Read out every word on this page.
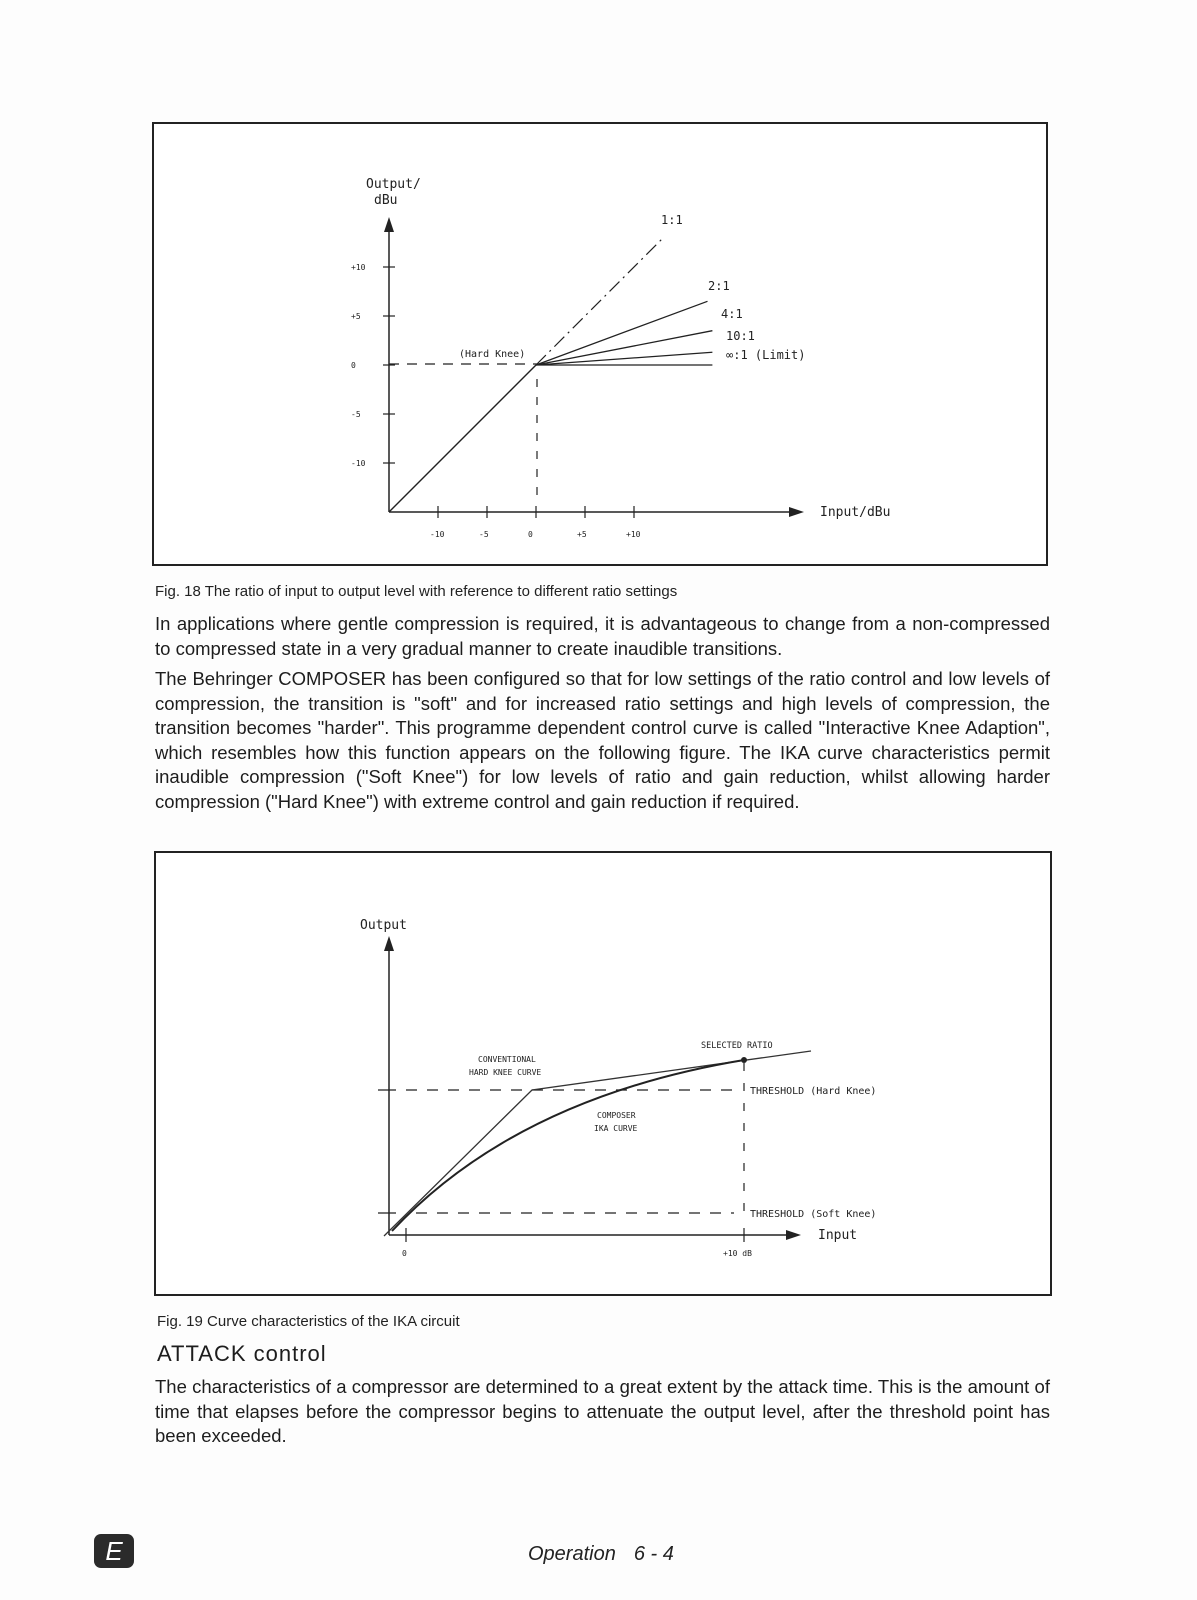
+10
+5
0
-5
-10
-10	-5	0	+5	+10
Output/
dBu
Input/dBu
(Hard Knee)
1:1
2:1
4:1
10:1
∞:1 (Limit)
Fig. 18 The ratio of input to output level with reference to different ratio settings
In applications where gentle compression is required, it is advantageous to change from a non-compressed to compressed state in a very gradual manner to create inaudible transitions.
The Behringer COMPOSER has been configured so that for low settings of the ratio control and low levels of compression, the transition is "soft" and for increased ratio settings and high levels of compression, the transition becomes "harder". This programme dependent control curve is called "Interactive Knee Adaption", which resembles how this function appears on the following figure. The IKA curve characteristics permit inaudible compression ("Soft Knee") for low levels of ratio and gain reduction, whilst allowing harder compression ("Hard Knee") with extreme control and gain reduction if required.
Output
Input
0	+10 dB
SELECTED RATIO
CONVENTIONAL
HARD KNEE CURVE
COMPOSER
IKA CURVE
THRESHOLD (Hard Knee)
THRESHOLD (Soft Knee)
Fig. 19 Curve characteristics of the IKA circuit
ATTACK control
The characteristics of a compressor are determined to a great extent by the attack time. This is the amount of time that elapses before the compressor begins to attenuate the output level, after the threshold point has been exceeded.
E	Operation 6 - 4
